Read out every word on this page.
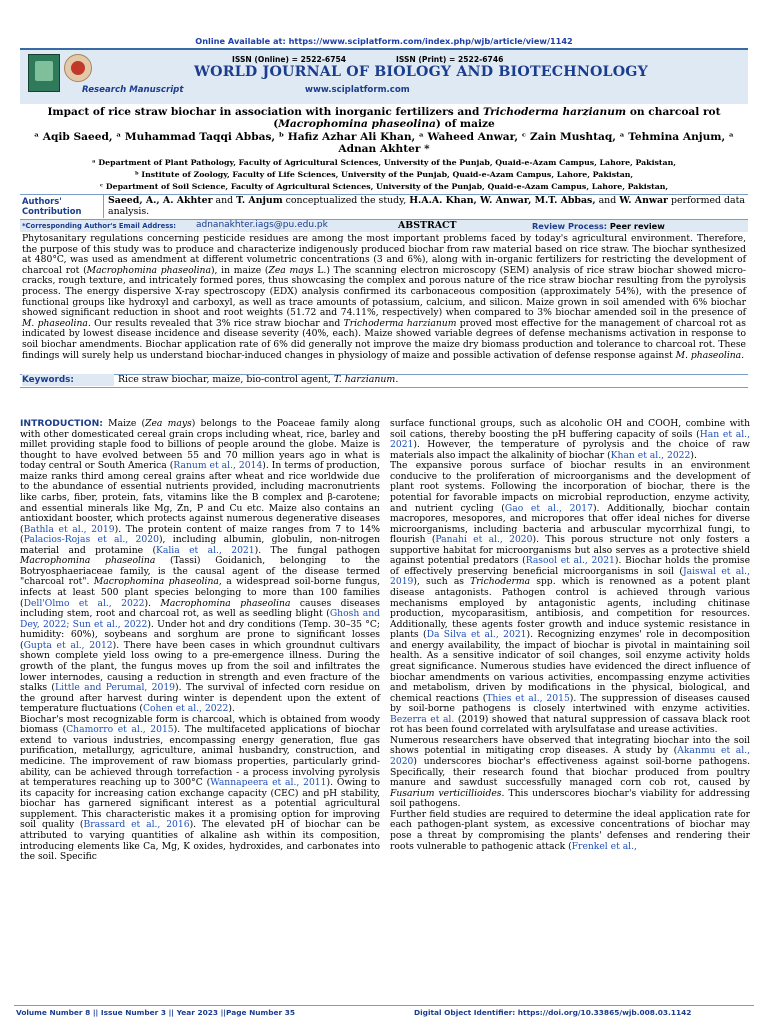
Online Available at: https://www.sciplatform.com/index.php/wjb/article/view/1142
ISSN (Online) = 2522-6754	ISSN (Print) = 2522-6746
WORLD JOURNAL OF BIOLOGY AND BIOTECHNOLOGY
Research Manuscript	www.sciplatform.com
Impact of rice straw biochar in association with inorganic fertilizers and Trichoderma harzianum on charcoal rot (Macrophomina phaseolina) of maize
ᵃ Aqib Saeed, ᵃ Muhammad Taqqi Abbas, ᵇ Hafiz Azhar Ali Khan, ᵃ Waheed Anwar, ᶜ Zain Mushtaq, ᵃ Tehmina Anjum, ᵃ Adnan Akhter *
ᵃ Department of Plant Pathology, Faculty of Agricultural Sciences, University of the Punjab, Quaid-e-Azam Campus, Lahore, Pakistan,
ᵇ Institute of Zoology, Faculty of Life Sciences, University of the Punjab, Quaid-e-Azam Campus, Lahore, Pakistan,
ᶜ Department of Soil Science, Faculty of Agricultural Sciences, University of the Punjab, Quaid-e-Azam Campus, Lahore, Pakistan,
Authors' Contribution
Saeed, A., A. Akhter and T. Anjum conceptualized the study, H.A.A. Khan, W. Anwar, M.T. Abbas, and W. Anwar performed data analysis.
*Corresponding Author's Email Address: adnanakhter.iags@pu.edu.pk	ABSTRACT	Review Process: Peer review
Phytosanitary regulations concerning pesticide residues are among the most important problems faced by today's agricultural environment. Therefore, the purpose of this study was to produce and characterize indigenously produced biochar from raw material based on rice straw. The biochar synthesized at 480°C, was used as amendment at different volumetric concentrations (3 and 6%), along with in-organic fertilizers for restricting the development of charcoal rot (Macrophomina phaseolina), in maize (Zea mays L.) The scanning electron microscopy (SEM) analysis of rice straw biochar showed micro-cracks, rough texture, and intricately formed pores, thus showcasing the complex and porous nature of the rice straw biochar resulting from the pyrolysis process. The energy dispersive X-ray spectroscopy (EDX) analysis confirmed its carbonaceous composition (approximately 54%), with the presence of functional groups like hydroxyl and carboxyl, as well as trace amounts of potassium, calcium, and silicon. Maize grown in soil amended with 6% biochar showed significant reduction in shoot and root weights (51.72 and 74.11%, respectively) when compared to 3% biochar amended soil in the presence of M. phaseolina. Our results revealed that 3% rice straw biochar and Trichoderma harzianum proved most effective for the management of charcoal rot as indicated by lowest disease incidence and disease severity (40%, each). Maize showed variable degrees of defense mechanisms activation in response to soil biochar amendments. Biochar application rate of 6% did generally not improve the maize dry biomass production and tolerance to charcoal rot. These findings will surely help us understand biochar-induced changes in physiology of maize and possible activation of defense response against M. phaseolina.
Keywords:	Rice straw biochar, maize, bio-control agent, T. harzianum.

INTRODUCTION: Maize (Zea mays) belongs to the Poaceae family along with other domesticated cereal grain crops including wheat, rice, barley and millet providing staple food to billions of people around the globe. Maize is thought to have evolved between 55 and 70 million years ago in what is today central or South America (Ranum et al., 2014). In terms of production, maize ranks third among cereal grains after wheat and rice worldwide due to the abundance of essential nutrients provided, including macronutrients like carbs, fiber, protein, fats, vitamins like the B complex and β-carotene; and essential minerals like Mg, Zn, P and Cu etc. Maize also contains an antioxidant booster, which protects against numerous degenerative diseases (Bathla et al., 2019). The protein content of maize ranges from 7 to 14% (Palacios-Rojas et al., 2020), including albumin, globulin, non-nitrogen material and protamine (Kalia et al., 2021). The fungal pathogen Macrophomina phaseolina (Tassi) Goidanich, belonging to the Botryosphaeriaceae family, is the causal agent of the disease termed "charcoal rot". Macrophomina phaseolina, a widespread soil-borne fungus, infects at least 500 plant species belonging to more than 100 families (Dell'Olmo et al., 2022). Macrophomina phaseolina causes diseases including stem, root and charcoal rot, as well as seedling blight (Ghosh and Dey, 2022; Sun et al., 2022). Under hot and dry conditions (Temp. 30–35 °C; humidity: 60%), soybeans and sorghum are prone to significant losses (Gupta et al., 2012). There have been cases in which groundnut cultivars shown complete yield loss owing to a pre-emergence illness. During the growth of the plant, the fungus moves up from the soil and infiltrates the lower internodes, causing a reduction in strength and even fracture of the stalks (Little and Perumal, 2019). The survival of infected corn residue on the ground after harvest during winter is dependent upon the extent of temperature fluctuations (Cohen et al., 2022).

Biochar's most recognizable form is charcoal, which is obtained from woody biomass (Chamorro et al., 2015). The multifaceted applications of biochar extend to various industries, encompassing energy generation, flue gas purification, metallurgy, agriculture, animal husbandry, construction, and medicine. The improvement of raw biomass properties, particularly grind-ability, can be achieved through torrefaction - a process involving pyrolysis at temperatures reaching up to 300°C (Wannapeera et al., 2011). Owing to its capacity for increasing cation exchange capacity (CEC) and pH stability, biochar has garnered significant interest as a potential agricultural supplement. This characteristic makes it a promising option for improving soil quality (Brassard et al., 2016). The elevated pH of biochar can be attributed to varying quantities of alkaline ash within its composition, introducing elements like Ca, Mg, K oxides, hydroxides, and carbonates into the soil. Specific

surface functional groups, such as alcoholic OH and COOH, combine with soil cations, thereby boosting the pH buffering capacity of soils (Han et al., 2021). However, the temperature of pyrolysis and the choice of raw materials also impact the alkalinity of biochar (Khan et al., 2022).

The expansive porous surface of biochar results in an environment conducive to the proliferation of microorganisms and the development of plant root systems. Following the incorporation of biochar, there is the potential for favorable impacts on microbial reproduction, enzyme activity, and nutrient cycling (Gao et al., 2017). Additionally, biochar contain macropores, mesopores, and micropores that offer ideal niches for diverse microorganisms, including bacteria and arbuscular mycorrhizal fungi, to flourish (Panahi et al., 2020). This porous structure not only fosters a supportive habitat for microorganisms but also serves as a protective shield against potential predators (Rasool et al., 2021). Biochar holds the promise of effectively preserving beneficial microorganisms in soil (Jaiswal et al., 2019), such as Trichoderma spp. which is renowned as a potent plant disease antagonists. Pathogen control is achieved through various mechanisms employed by antagonistic agents, including chitinase production, mycoparasitism, antibiosis, and competition for resources. Additionally, these agents foster growth and induce systemic resistance in plants (Da Silva et al., 2021). Recognizing enzymes' role in decomposition and energy availability, the impact of biochar is pivotal in maintaining soil health. As a sensitive indicator of soil changes, soil enzyme activity holds great significance. Numerous studies have evidenced the direct influence of biochar amendments on various activities, encompassing enzyme activities and metabolism, driven by modifications in the physical, biological, and chemical reactions (Thies et al., 2015). The suppression of diseases caused by soil-borne pathogens is closely intertwined with enzyme activities. Bezerra et al. (2019) showed that natural suppression of cassava black root rot has been found correlated with arylsulfatase and urease activities.

Numerous researchers have observed that integrating biochar into the soil shows potential in mitigating crop diseases. A study by (Akanmu et al., 2020) underscores biochar's effectiveness against soil-borne pathogens. Specifically, their research found that biochar produced from poultry manure and sawdust successfully managed corn cob rot, caused by Fusarium verticillioides. This underscores biochar's viability for addressing soil pathogens.

Further field studies are required to determine the ideal application rate for each pathogen-plant system, as excessive concentrations of biochar may pose a threat by compromising the plants' defenses and rendering their roots vulnerable to pathogenic attack (Frenkel et al.,

Volume Number 8 || Issue Number 3 || Year 2023 ||Page Number 35	Digital Object Identifier: https://doi.org/10.33865/wjb.008.03.1142
